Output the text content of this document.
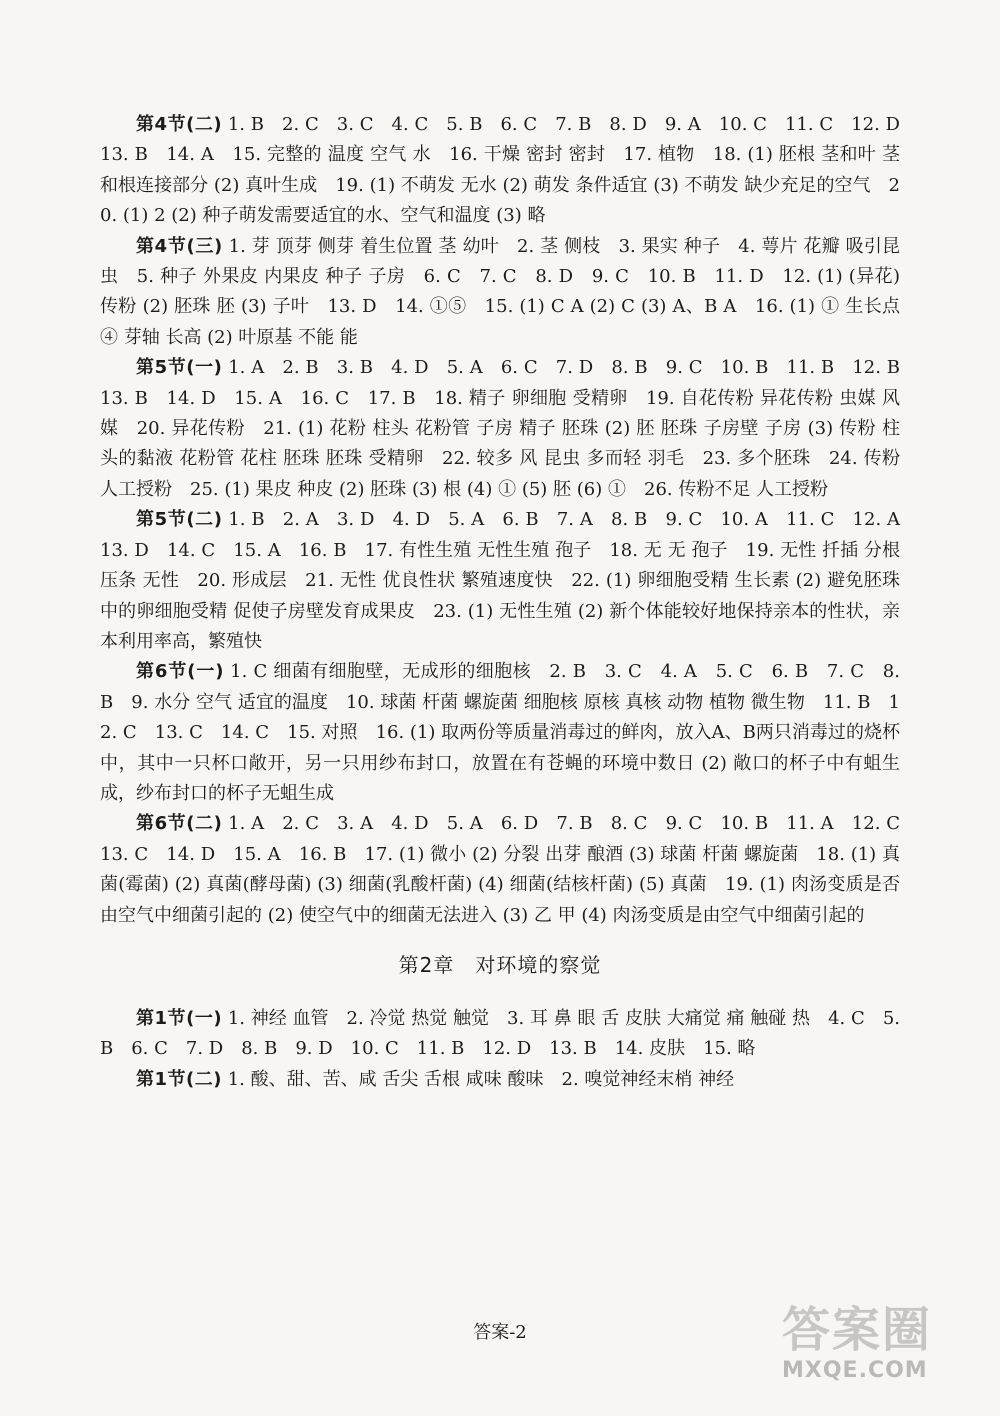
第4节(二) 1. B　2. C　3. C　4. C　5. B　6. C　7. B　8. D　9. A　10. C　11. C　12. D　13. B　14. A　15. 完整的 温度 空气 水　16. 干燥 密封 密封　17. 植物　18. (1) 胚根 茎和叶 茎和根连接部分 (2) 真叶生成　19. (1) 不萌发 无水 (2) 萌发 条件适宜 (3) 不萌发 缺少充足的空气　20. (1) 2 (2) 种子萌发需要适宜的水、空气和温度 (3) 略

第4节(三) 1. 芽 顶芽 侧芽 着生位置 茎 幼叶　2. 茎 侧枝　3. 果实 种子　4. 萼片 花瓣 吸引昆虫　5. 种子 外果皮 内果皮 种子 子房　6. C　7. C　8. D　9. C　10. B　11. D　12. (1) (异花) 传粉 (2) 胚珠 胚 (3) 子叶　13. D　14. ①⑤　15. (1) C A (2) C (3) A、B A　16. (1) ① 生长点 ④ 芽轴 长高 (2) 叶原基 不能 能

第5节(一) 1. A　2. B　3. B　4. D　5. A　6. C　7. D　8. B　9. C　10. B　11. B　12. B　13. B　14. D　15. A　16. C　17. B　18. 精子 卵细胞 受精卵　19. 自花传粉 异花传粉 虫媒 风媒　20. 异花传粉　21. (1) 花粉 柱头 花粉管 子房 精子 胚珠 (2) 胚 胚珠 子房壁 子房 (3) 传粉 柱头的黏液 花粉管 花柱 胚珠 胚珠 受精卵　22. 较多 风 昆虫 多而轻 羽毛　23. 多个胚珠　24. 传粉 人工授粉　25. (1) 果皮 种皮 (2) 胚珠 (3) 根 (4) ① (5) 胚 (6) ①　26. 传粉不足 人工授粉

第5节(二) 1. B　2. A　3. D　4. D　5. A　6. B　7. A　8. B　9. C　10. A　11. C　12. A　13. D　14. C　15. A　16. B　17. 有性生殖 无性生殖 孢子　18. 无 无 孢子　19. 无性 扦插 分根 压条 无性　20. 形成层　21. 无性 优良性状 繁殖速度快　22. (1) 卵细胞受精 生长素 (2) 避免胚珠中的卵细胞受精 促使子房壁发育成果皮　23. (1) 无性生殖 (2) 新个体能较好地保持亲本的性状，亲本利用率高，繁殖快

第6节(一) 1. C 细菌有细胞壁，无成形的细胞核　2. B　3. C　4. A　5. C　6. B　7. C　8. B　9. 水分 空气 适宜的温度　10. 球菌 杆菌 螺旋菌 细胞核 原核 真核 动物 植物 微生物　11. B　12. C　13. C　14. C　15. 对照　16. (1) 取两份等质量消毒过的鲜肉，放入A、B两只消毒过的烧杯中，其中一只杯口敞开，另一只用纱布封口，放置在有苍蝇的环境中数日 (2) 敞口的杯子中有蛆生成，纱布封口的杯子无蛆生成

第6节(二) 1. A　2. C　3. A　4. D　5. A　6. D　7. B　8. C　9. C　10. B　11. A　12. C　13. C　14. D　15. A　16. B　17. (1) 微小 (2) 分裂 出芽 酿酒 (3) 球菌 杆菌 螺旋菌　18. (1) 真菌(霉菌) (2) 真菌(酵母菌) (3) 细菌(乳酸杆菌) (4) 细菌(结核杆菌) (5) 真菌　19. (1) 肉汤变质是否由空气中细菌引起的 (2) 使空气中的细菌无法进入 (3) 乙 甲 (4) 肉汤变质是由空气中细菌引起的

第2章　对环境的察觉

第1节(一) 1. 神经 血管　2. 冷觉 热觉 触觉　3. 耳 鼻 眼 舌 皮肤 大痛觉 痛 触碰 热　4. C　5. B　6. C　7. D　8. B　9. D　10. C　11. B　12. D　13. B　14. 皮肤　15. 略

第1节(二) 1. 酸、甜、苦、咸 舌尖 舌根 咸味 酸味　2. 嗅觉神经末梢 神经

答案-2	答案圈
MXQE.COM
